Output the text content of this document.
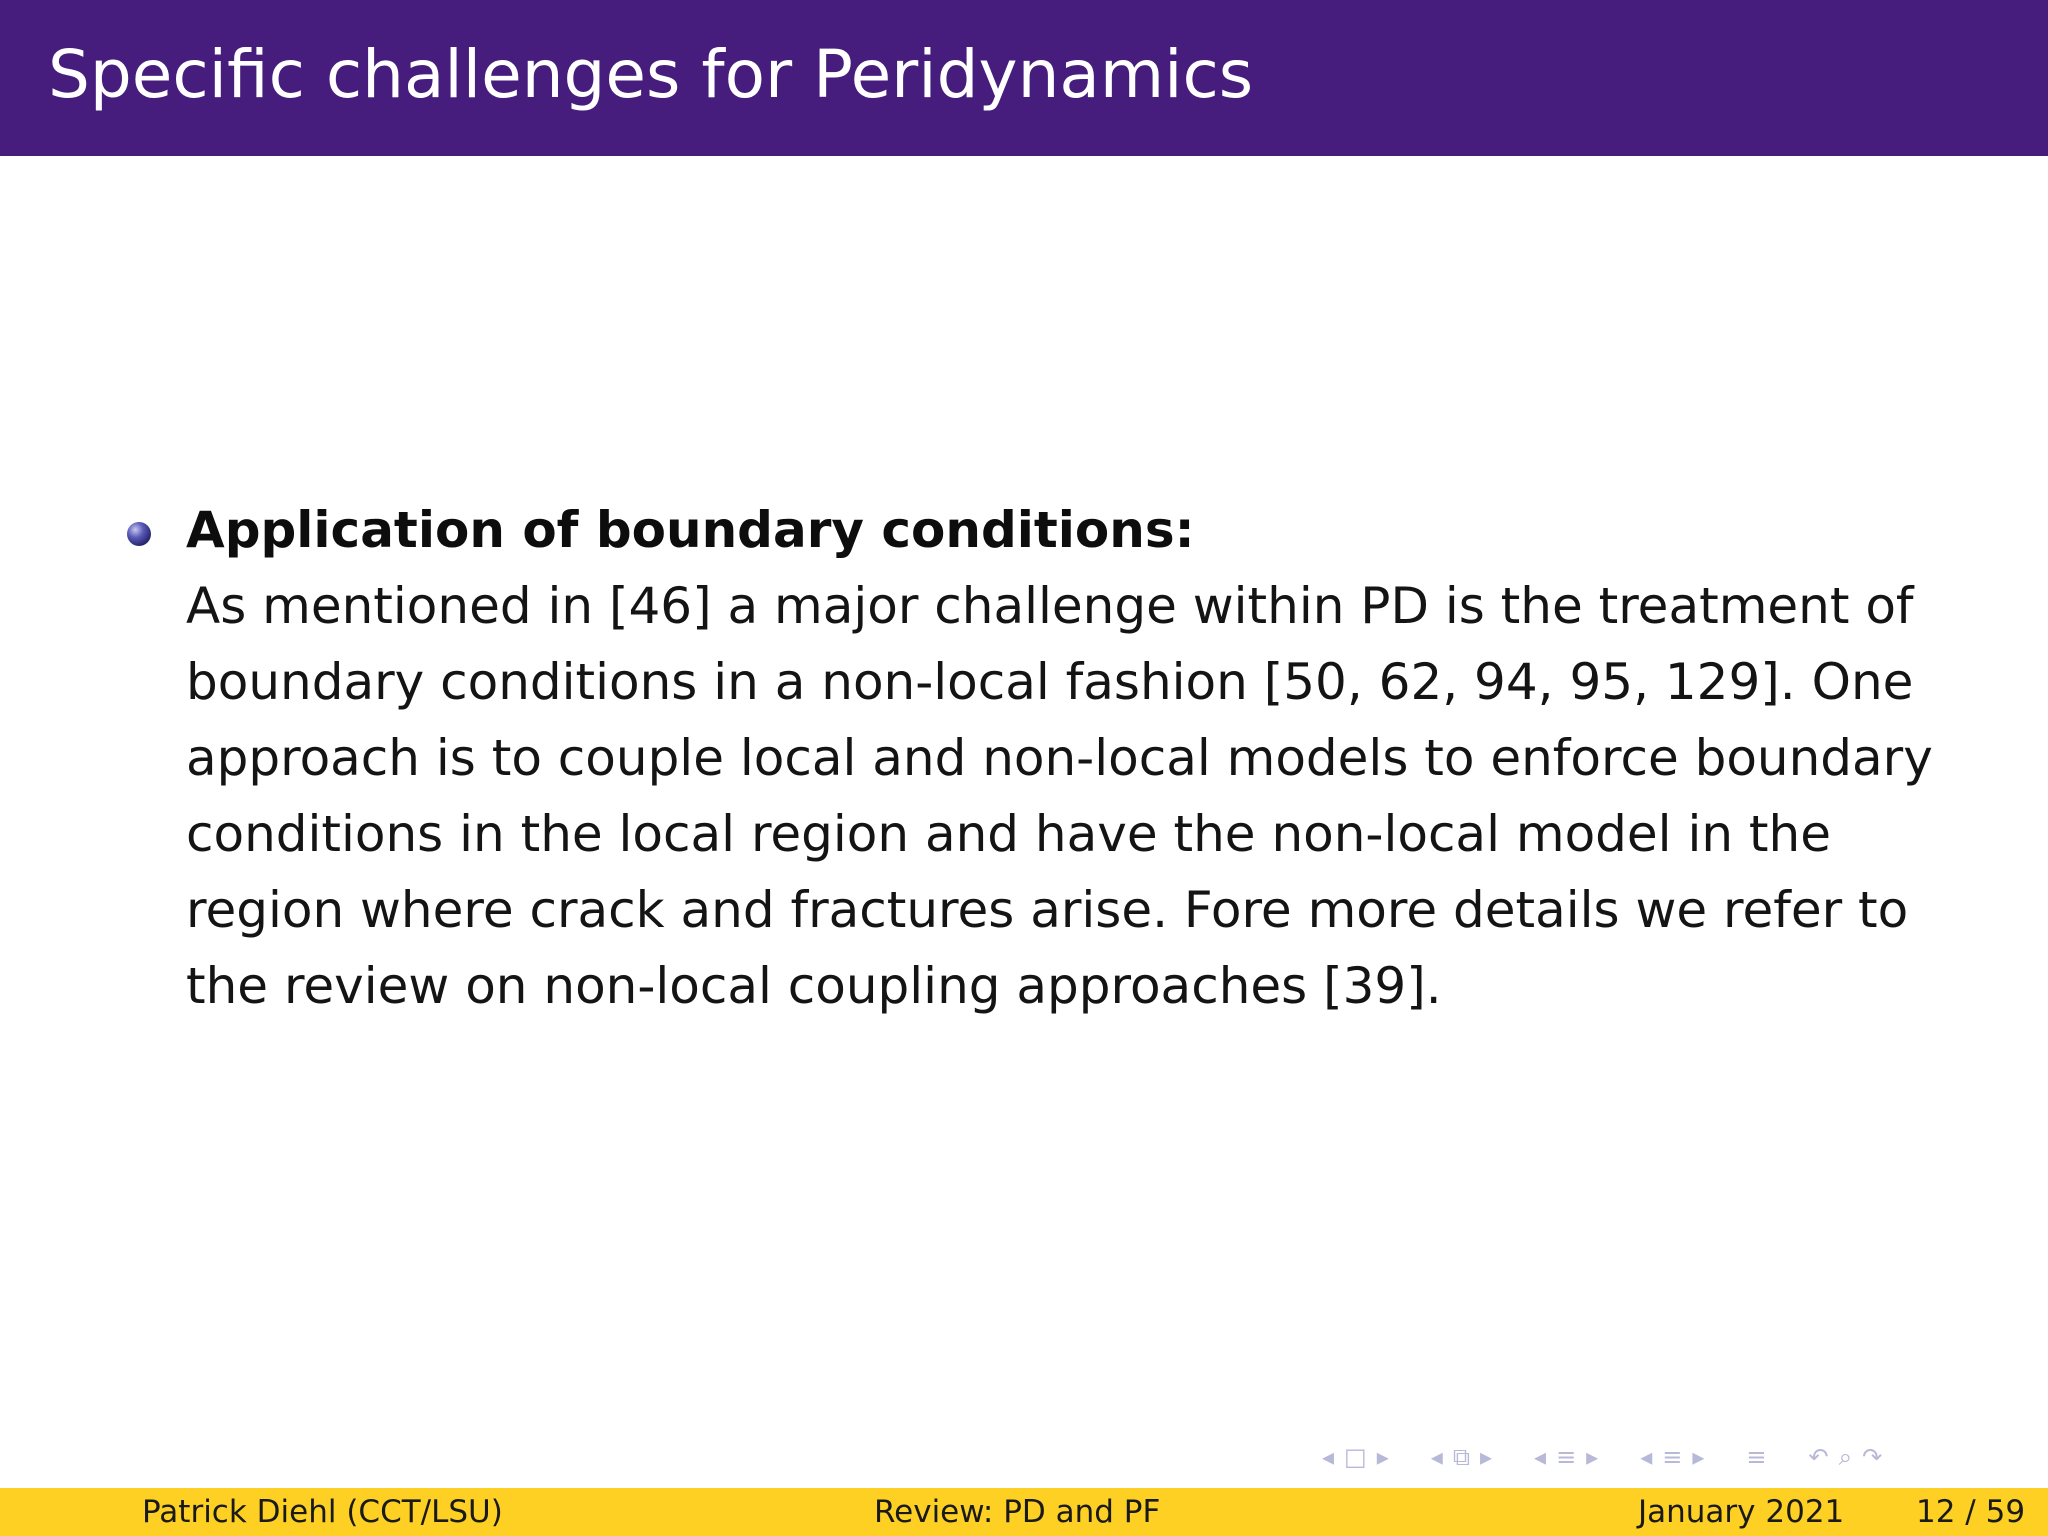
Specific challenges for Peridynamics
Application of boundary conditions:
As mentioned in [46] a major challenge within PD is the treatment of
boundary conditions in a non-local fashion [50, 62, 94, 95, 129]. One
approach is to couple local and non-local models to enforce boundary
conditions in the local region and have the non-local model in the
region where crack and fractures arise. Fore more details we refer to
the review on non-local coupling approaches [39].
◂ □ ▸ ◂ ⧉ ▸ ◂ ≡ ▸ ◂ ≡ ▸ ≡ ↶ ⌕ ↷
Patrick Diehl (CCT/LSU)	Review: PD and PF	January 2021 12 / 59
